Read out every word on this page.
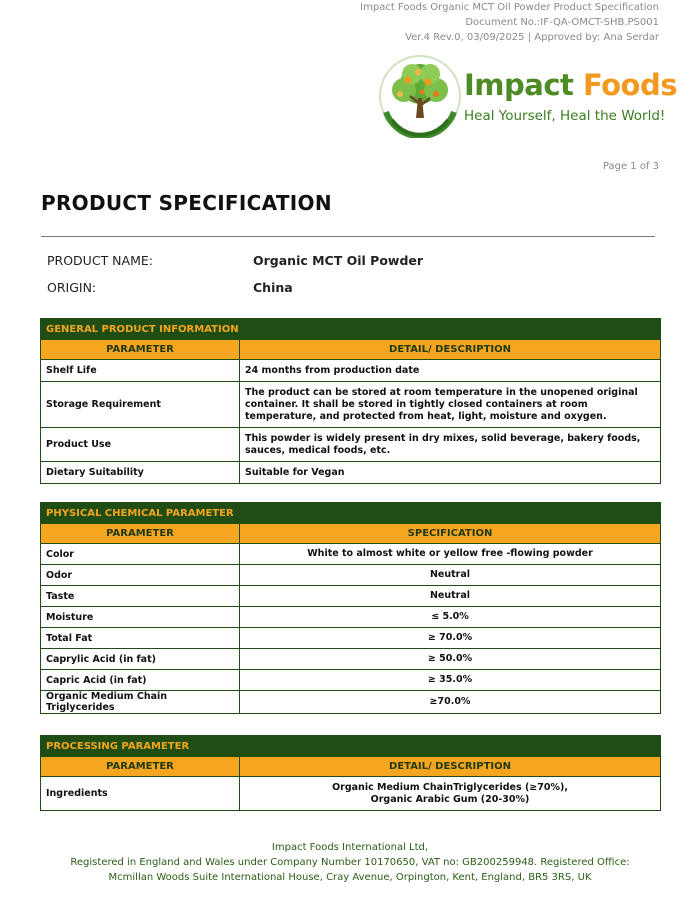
Impact Foods Organic MCT Oil Powder Product Specification
Document No.:IF-QA-OMCT-SHB.PS001
Ver.4 Rev.0, 03/09/2025 | Approved by: Ana Serdar
Impact Foods
Heal Yourself, Heal the World!
Page 1 of 3
PRODUCT SPECIFICATION
PRODUCT NAME:	Organic MCT Oil Powder
ORIGIN:	China
GENERAL PRODUCT INFORMATION	
PARAMETER	DETAIL/ DESCRIPTION
Shelf Life	24 months from production date
Storage Requirement	The product can be stored at room temperature in the unopened original container. It shall be stored in tightly closed containers at room temperature, and protected from heat, light, moisture and oxygen.
Product Use	This powder is widely present in dry mixes, solid beverage, bakery foods, sauces, medical foods, etc.
Dietary Suitability	Suitable for Vegan
PHYSICAL CHEMICAL PARAMETER	
PARAMETER	SPECIFICATION
Color	White to almost white or yellow free -flowing powder
Odor	Neutral
Taste	Neutral
Moisture	≤ 5.0%
Total Fat	≥ 70.0%
Caprylic Acid (in fat)	≥ 50.0%
Capric Acid (in fat)	≥ 35.0%
Organic Medium Chain Triglycerides	≥70.0%
PROCESSING PARAMETER	
PARAMETER	DETAIL/ DESCRIPTION
Ingredients	Organic Medium ChainTriglycerides (≥70%),
Organic Arabic Gum (20-30%)
Impact Foods International Ltd,
Registered in England and Wales under Company Number 10170650, VAT no: GB200259948. Registered Office:
Mcmillan Woods Suite International House, Cray Avenue, Orpington, Kent, England, BR5 3RS, UK
